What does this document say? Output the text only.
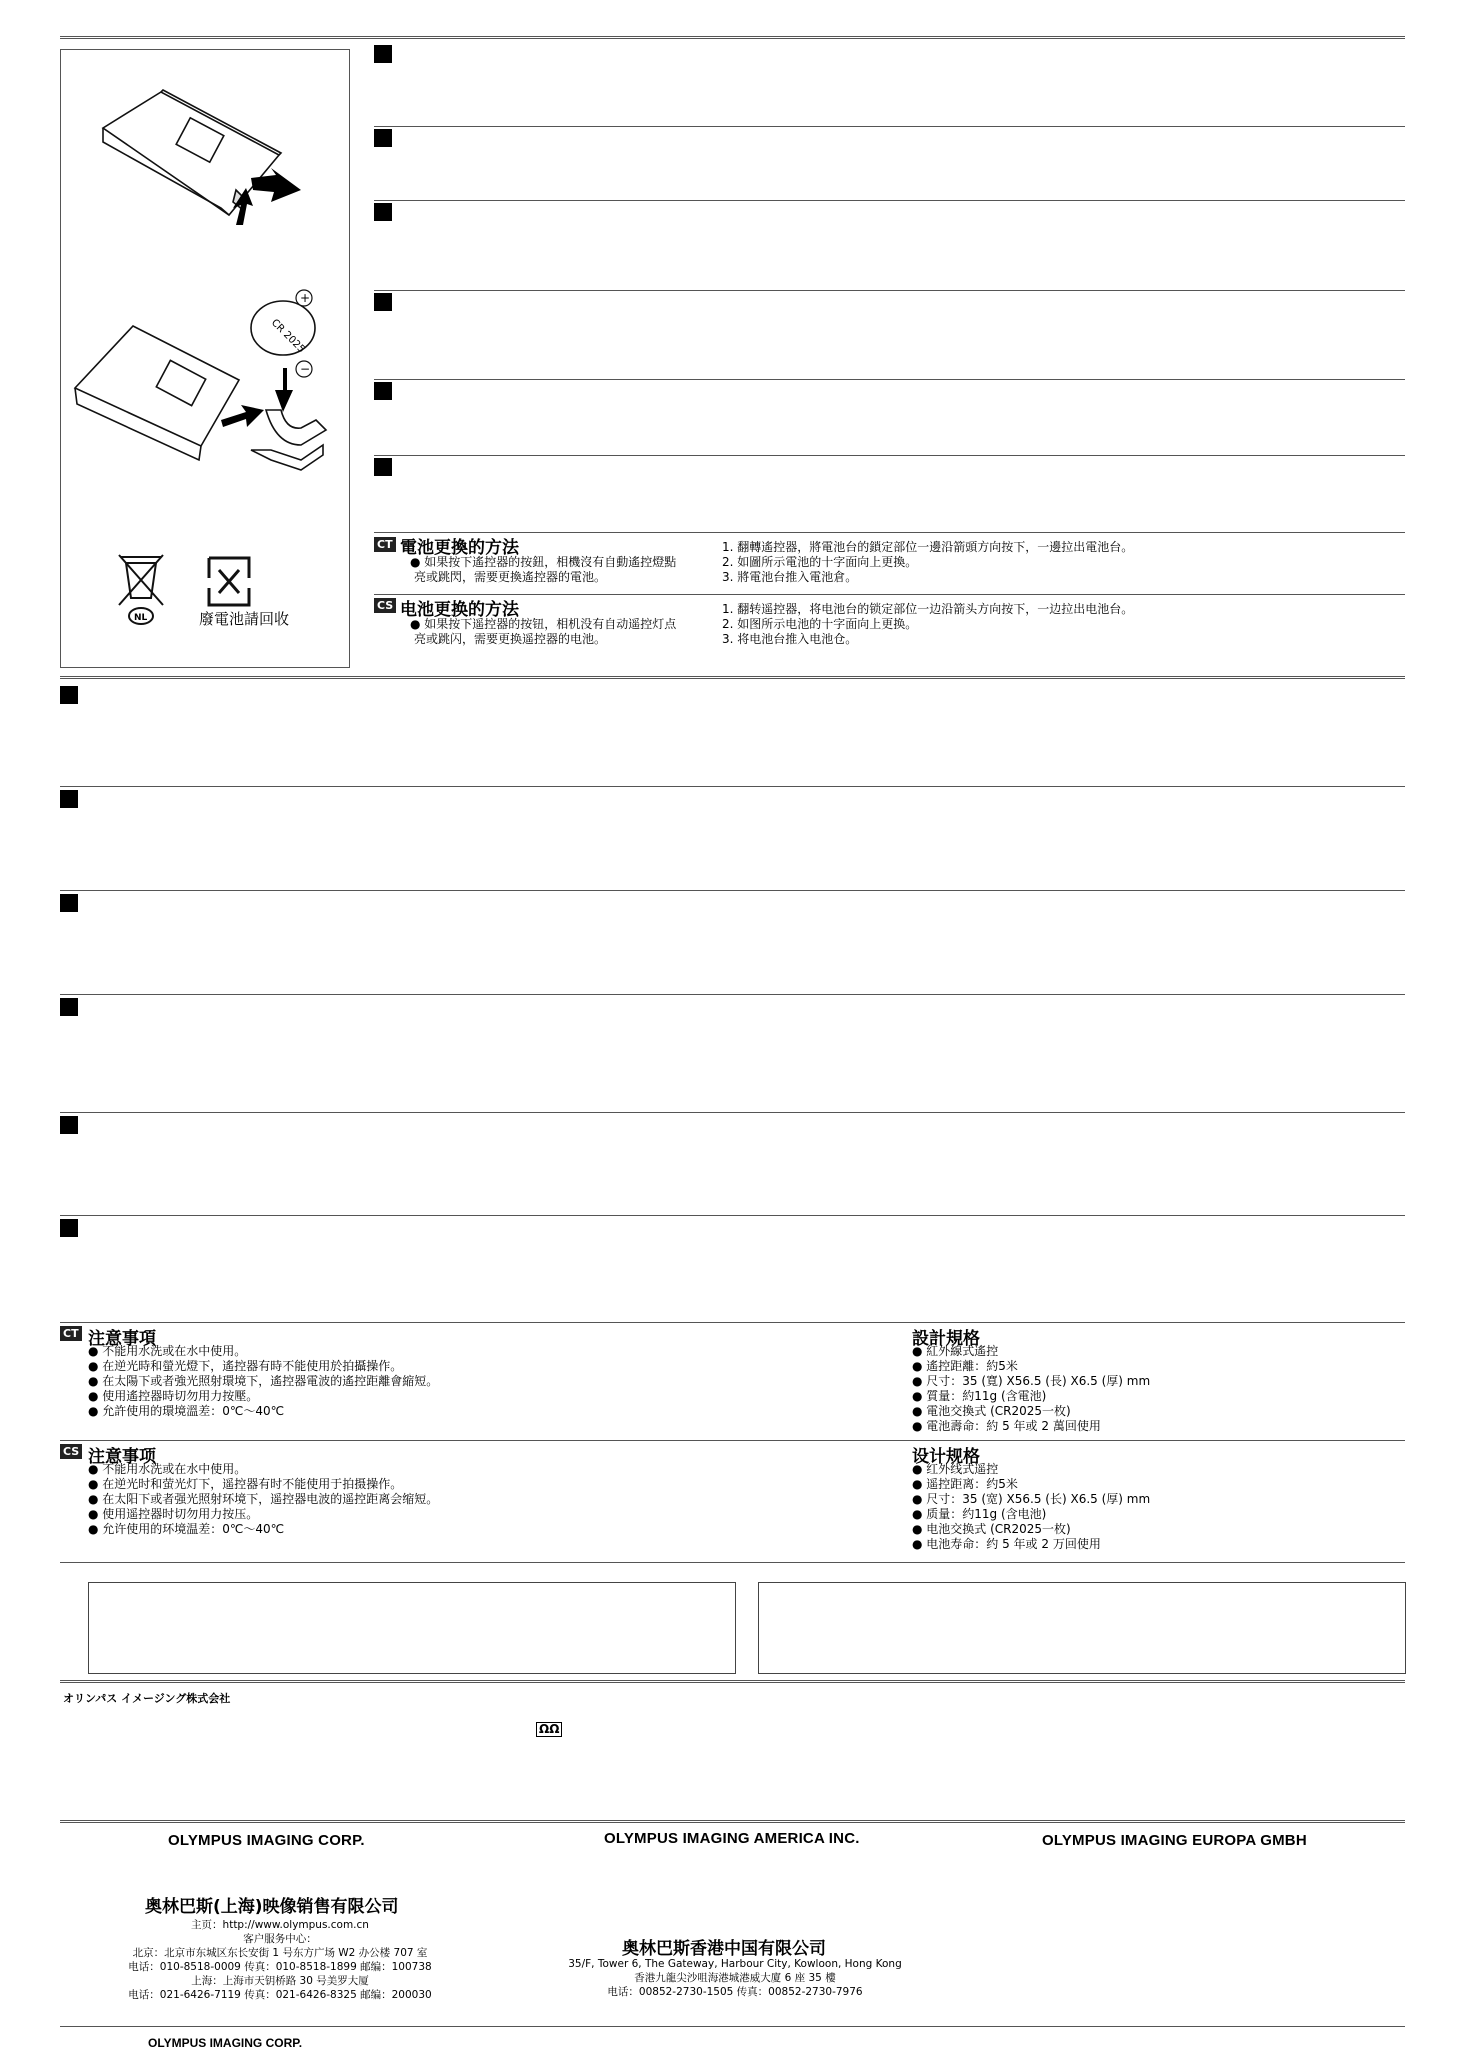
CR 2025
+
−
NL	廢電池請回收
CT 電池更換的方法

● 如果按下遙控器的按鈕，相機沒有自動遙控燈點

亮或跳閃，需要更換遙控器的電池。

1. 翻轉遙控器，將電池台的鎖定部位一邊沿箭頭方向按下，一邊拉出電池台。

2. 如圖所示電池的十字面向上更換。

3. 將電池台推入電池倉。

CS 电池更换的方法

● 如果按下遥控器的按钮，相机没有自动遥控灯点

亮或跳闪，需要更换遥控器的电池。

1. 翻转遥控器，将电池台的锁定部位一边沿箭头方向按下，一边拉出电池台。

2. 如图所示电池的十字面向上更换。

3. 将电池台推入电池仓。

CT 注意事項

● 不能用水洗或在水中使用。

● 在逆光時和螢光燈下，遙控器有時不能使用於拍攝操作。

● 在太陽下或者強光照射環境下，遙控器電波的遙控距離會縮短。

● 使用遙控器時切勿用力按壓。

● 允許使用的環境溫差：0℃～40℃

設計規格

● 紅外線式遙控

● 遙控距離：約5米

● 尺寸：35 (寬) X56.5 (長) X6.5 (厚) mm

● 質量：約11g (含電池)

● 電池交換式 (CR2025一枚)

● 電池壽命：約 5 年或 2 萬回使用

CS 注意事项

● 不能用水洗或在水中使用。

● 在逆光时和萤光灯下，遥控器有时不能使用于拍摄操作。

● 在太阳下或者强光照射环境下，遥控器电波的遥控距离会缩短。

● 使用遥控器时切勿用力按压。

● 允许使用的环境温差：0℃～40℃

设计规格

● 红外线式遥控

● 遥控距离：约5米

● 尺寸：35 (宽) X56.5 (长) X6.5 (厚) mm

● 质量：约11g (含电池)

● 电池交换式 (CR2025一枚)

● 电池寿命：约 5 年或 2 万回使用

オリンパス イメージング株式会社
ΩΩ
OLYMPUS IMAGING CORP.	OLYMPUS IMAGING AMERICA INC.	OLYMPUS IMAGING EUROPA GMBH
奥林巴斯(上海)映像销售有限公司
主页：http://www.olympus.com.cn
客户服务中心：
北京：北京市东城区东长安街 1 号东方广场 W2 办公楼 707 室
电话：010-8518-0009 传真：010-8518-1899 邮编：100738
上海：上海市天钥桥路 30 号美罗大厦
电话：021-6426-7119 传真：021-6426-8325 邮编：200030
奥林巴斯香港中国有限公司
35/F, Tower 6, The Gateway, Harbour City, Kowloon, Hong Kong
香港九龍尖沙咀海港城港威大廈 6 座 35 樓
电话：00852-2730-1505 传真：00852-2730-7976
OLYMPUS IMAGING CORP.
